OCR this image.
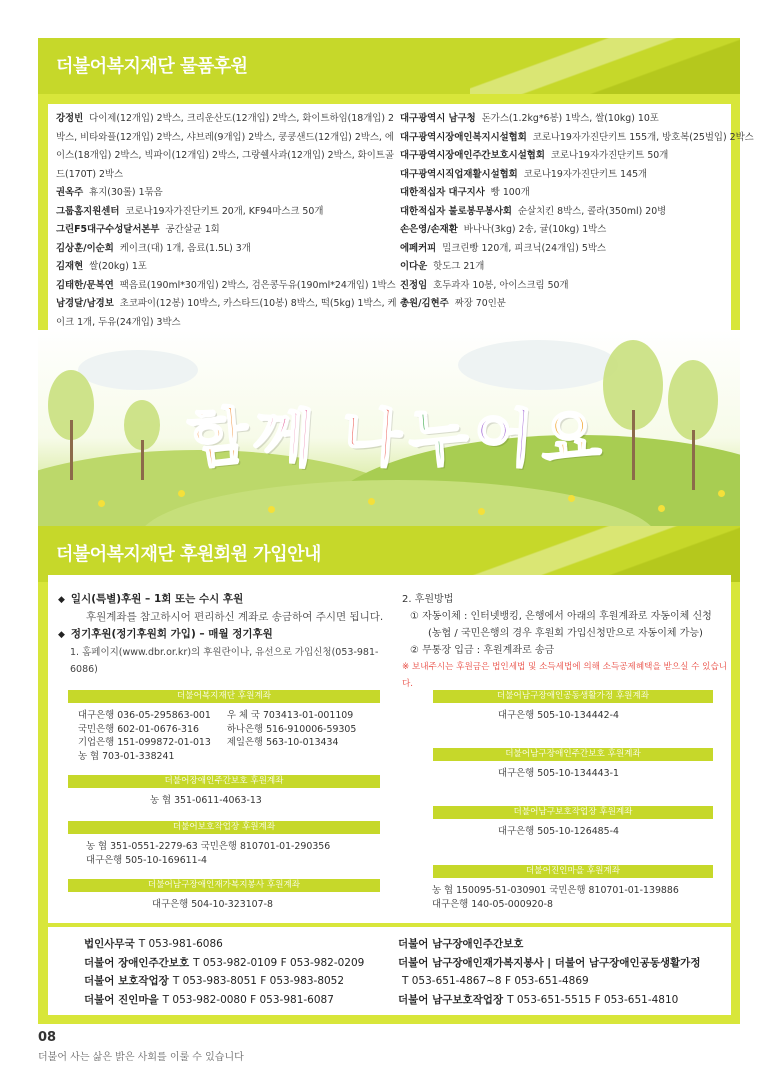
더불어복지재단 물품후원
강정빈 다이제(12개입) 2박스, 크리운산도(12개입) 2박스, 화이트하임(18개입) 2박스, 비타와플(12개입) 2박스, 샤브레(9개입) 2박스, 쿵쿵샌드(12개입) 2박스, 에이스(18개입) 2박스, 빅파이(12개입) 2박스, 그랑쉘사과(12개입) 2박스, 화이트골드(170T) 2박스
권옥주 휴지(30롤) 1묶음
그룹홈지원센터 코로나19자가진단키트 20개, KF94마스크 50개
그린F5대구수성달서본부 공간살균 1회
김상훈/이순희 케이크(대) 1개, 음료(1.5L) 3개
김재현 쌀(20kg) 1포
김태한/문복연 팩음료(190ml*30개입) 2박스, 검은콩두유(190ml*24개입) 1박스
남경달/남경보 초코파이(12봉) 10박스, 카스타드(10봉) 8박스, 떡(5kg) 1박스, 케이크 1개, 두유(24개입) 3박스
대구광역시 남구청 돈가스(1.2kg*6봉) 1박스, 쌀(10kg) 10포
대구광역시장애인복지시설협회 코로나19자가진단키트 155개, 방호복(25벌입) 2박스
대구광역시장애인주간보호시설협회 코로나19자가진단키트 50개
대구광역시직업재활시설협회 코로나19자가진단키트 145개
대한적십자 대구지사 빵 100개
대한적십자 불로봉무봉사회 순살치킨 8박스, 콜라(350ml) 20병
손은영/손재환 바나나(3kg) 2송, 귤(10kg) 1박스
에페커피 밀크린빵 120개, 피크닉(24개입) 5박스
이다운 핫도그 21개
진정임 호두과자 10봉, 아이스크림 50개
총원/김현주 짜장 70인분
함께 나누어요
더불어복지재단 후원회원 가입안내
◆ 일시(특별)후원 – 1회 또는 수시 후원
후원계좌를 참고하시어 편리하신 계좌로 송금하여 주시면 됩니다.
◆ 정기후원(정기후원회 가입) – 매월 정기후원
1. 홈페이지(www.dbr.or.kr)의 후원란이나, 유선으로 가입신청(053-981-6086)
2. 후원방법
① 자동이체 : 인터넷뱅킹, 은행에서 아래의 후원계좌로 자동이체 신청
(농협 / 국민은행의 경우 후원회 가입신청만으로 자동이체 가능)
② 무통장 입금 : 후원계좌로 송금
※ 보내주시는 후원금은 법인세법 및 소득세법에 의해 소득공제혜택을 받으실 수 있습니다.
더불어복지재단 후원계좌
대구은행 036-05-295863-001 우 체 국 703413-01-001109
국민은행 602-01-0676-316	하나은행 516-910006-59305
기업은행 151-099872-01-013 제일은행 563-10-013434
농 협 703-01-338241
더불어장애인주간보호 후원계좌
농 협 351-0611-4063-13
더불어보호작업장 후원계좌
농 협 351-0551-2279-63 국민은행 810701-01-290356
대구은행 505-10-169611-4
더불어남구장애인재가복지봉사 후원계좌
대구은행 504-10-323107-8
더불어남구장애인공동생활가정 후원계좌
대구은행 505-10-134442-4
더불어남구장애인주간보호 후원계좌
대구은행 505-10-134443-1
더불어남구보호작업장 후원계좌
대구은행 505-10-126485-4
더불어진인마을 후원계좌
농 협 150095-51-030901 국민은행 810701-01-139886
대구은행 140-05-000920-8
법인사무국 T 053-981-6086
더불어 장애인주간보호 T 053-982-0109 F 053-982-0209
더불어 보호작업장 T 053-983-8051 F 053-983-8052
더불어 진인마을 T 053-982-0080 F 053-981-6087
더불어 남구장애인주간보호
더불어 남구장애인재가복지봉사 | 더불어 남구장애인공동생활가정
T 053-651-4867~8 F 053-651-4869
더불어 남구보호작업장 T 053-651-5515 F 053-651-4810
08
더불어 사는 삶은 밝은 사회를 이룰 수 있습니다
